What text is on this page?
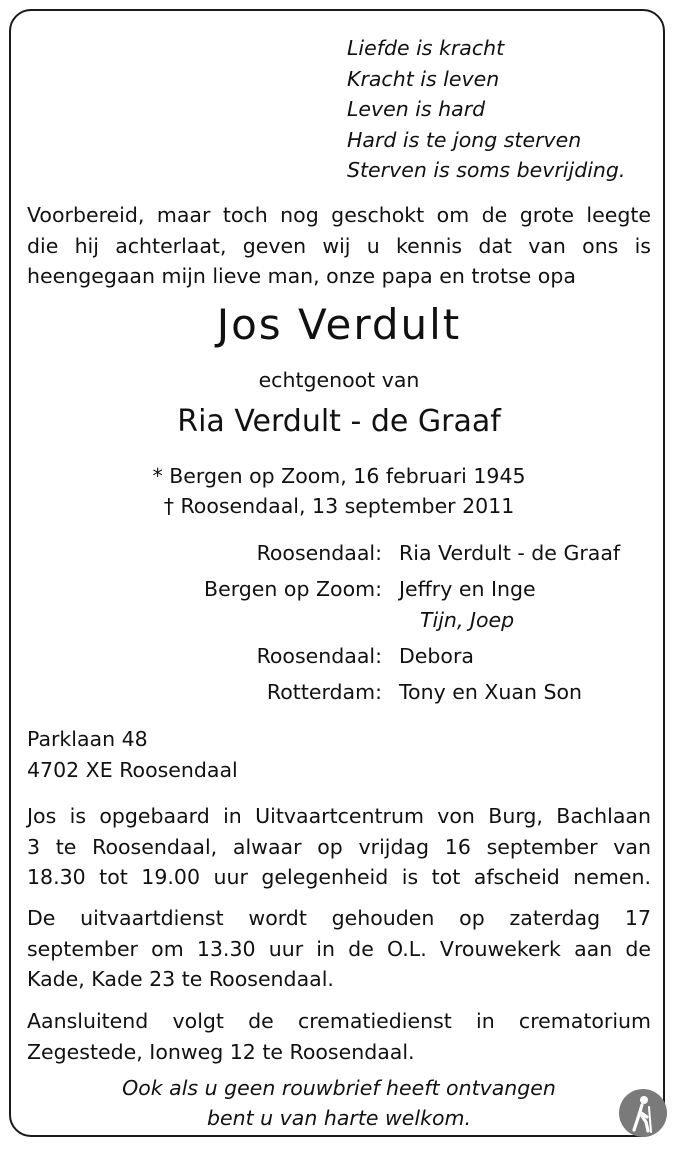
Liefde is kracht
Kracht is leven
Leven is hard
Hard is te jong sterven
Sterven is soms bevrijding.
Voorbereid, maar toch nog geschokt om de grote leegte
die hij achterlaat, geven wij u kennis dat van ons is
heengegaan mijn lieve man, onze papa en trotse opa
Jos Verdult
echtgenoot van
Ria Verdult - de Graaf
* Bergen op Zoom, 16 februari 1945
† Roosendaal, 13 september 2011
Roosendaal: Ria Verdult - de Graaf
Bergen op Zoom: Jeffry en Inge
Tijn, Joep
Roosendaal: Debora
Rotterdam: Tony en Xuan Son
Parklaan 48
4702 XE Roosendaal
Jos is opgebaard in Uitvaartcentrum von Burg, Bachlaan
3 te Roosendaal, alwaar op vrijdag 16 september van
18.30 tot 19.00 uur gelegenheid is tot afscheid nemen.
De uitvaartdienst wordt gehouden op zaterdag 17
september om 13.30 uur in de O.L. Vrouwekerk aan de
Kade, Kade 23 te Roosendaal.
Aansluitend volgt de crematiedienst in crematorium
Zegestede, Ionweg 12 te Roosendaal.
Ook als u geen rouwbrief heeft ontvangen
bent u van harte welkom.
